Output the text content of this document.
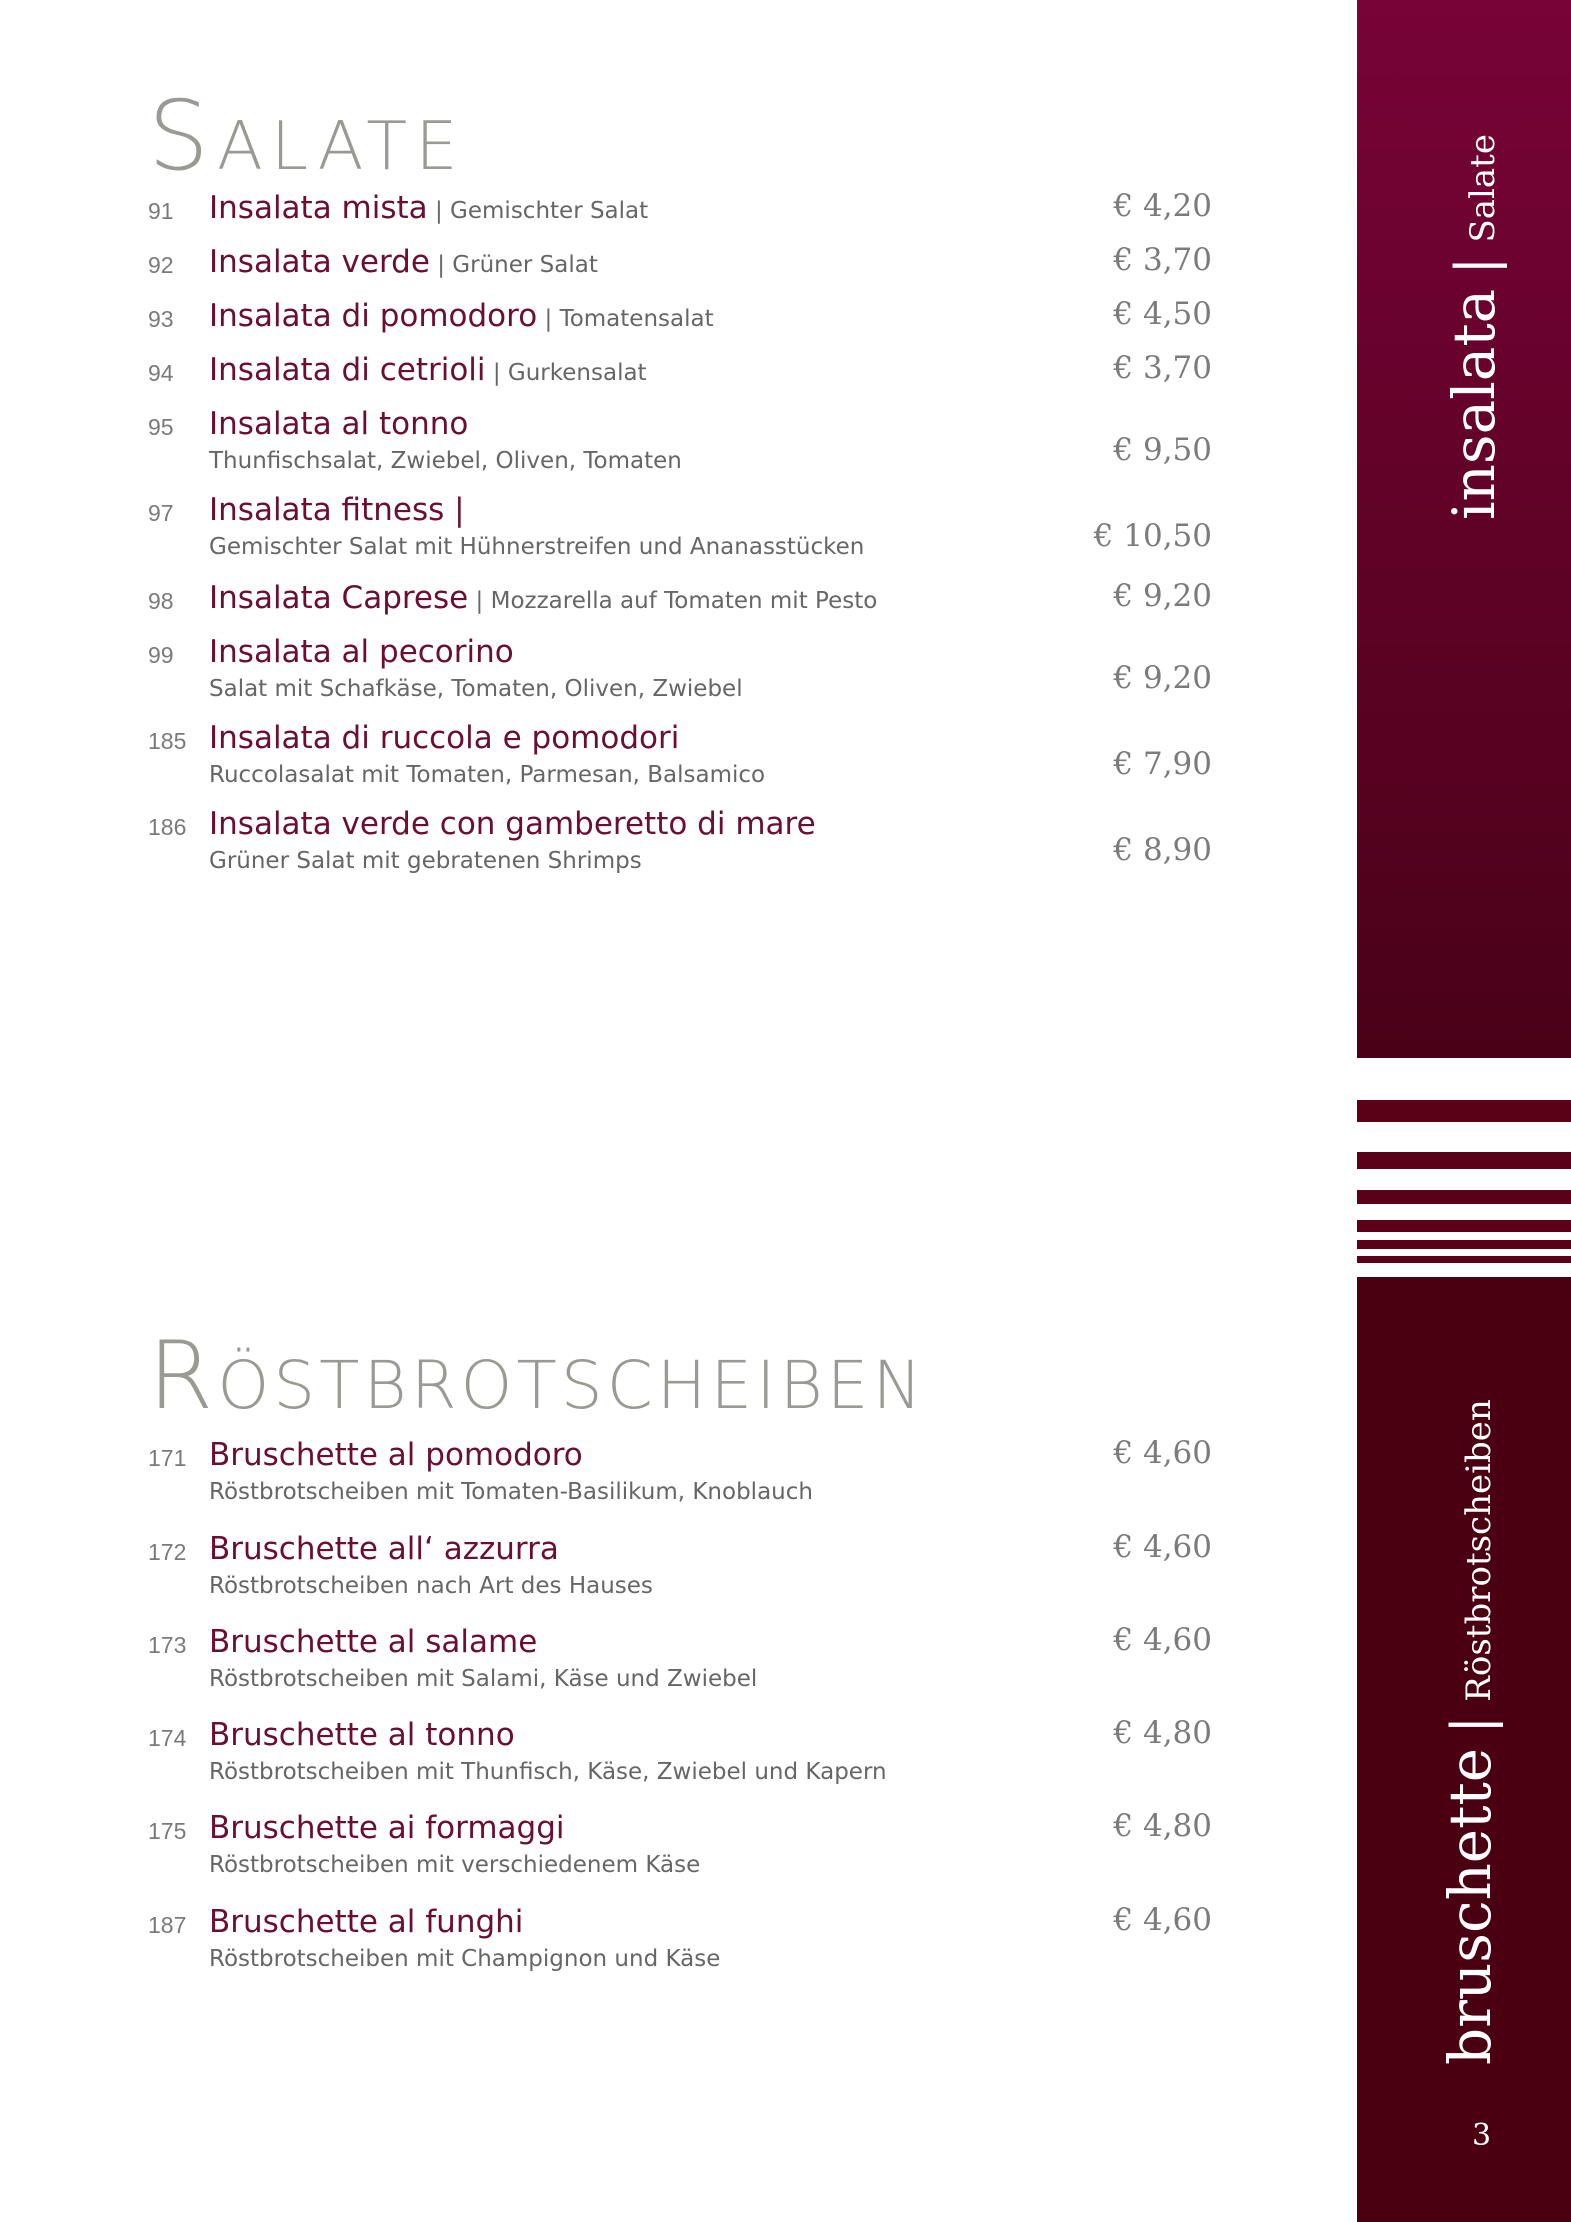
Salate
91	Insalata mista | Gemischter Salat	€ 4,20
92	Insalata verde | Grüner Salat	€ 3,70
93	Insalata di pomodoro | Tomatensalat	€ 4,50
94	Insalata di cetrioli | Gurkensalat	€ 3,70
95	Insalata al tonno
Thunfischsalat, Zwiebel, Oliven, Tomaten	€ 9,50
97	Insalata fitness |
Gemischter Salat mit Hühnerstreifen und Ananasstücken	€ 10,50
98	Insalata Caprese | Mozzarella auf Tomaten mit Pesto	€ 9,20
99	Insalata al pecorino
Salat mit Schafkäse, Tomaten, Oliven, Zwiebel	€ 9,20
185 Insalata di ruccola e pomodori
Ruccolasalat mit Tomaten, Parmesan, Balsamico	€ 7,90
186 Insalata verde con gamberetto di mare
Grüner Salat mit gebratenen Shrimps	€ 8,90
Röstbrotscheiben
171 Bruschette al pomodoro
Röstbrotscheiben mit Tomaten-Basilikum, Knoblauch
€ 4,60
172 Bruschette all‘ azzurra
Röstbrotscheiben nach Art des Hauses
€ 4,60
173 Bruschette al salame
Röstbrotscheiben mit Salami, Käse und Zwiebel
€ 4,60
174 Bruschette al tonno
Röstbrotscheiben mit Thunfisch, Käse, Zwiebel und Kapern
€ 4,80
175 Bruschette ai formaggi
Röstbrotscheiben mit verschiedenem Käse
€ 4,80
187 Bruschette al funghi
Röstbrotscheiben mit Champignon und Käse
€ 4,60
insalata|Salate
bruschette|Röstbrotscheiben
3
